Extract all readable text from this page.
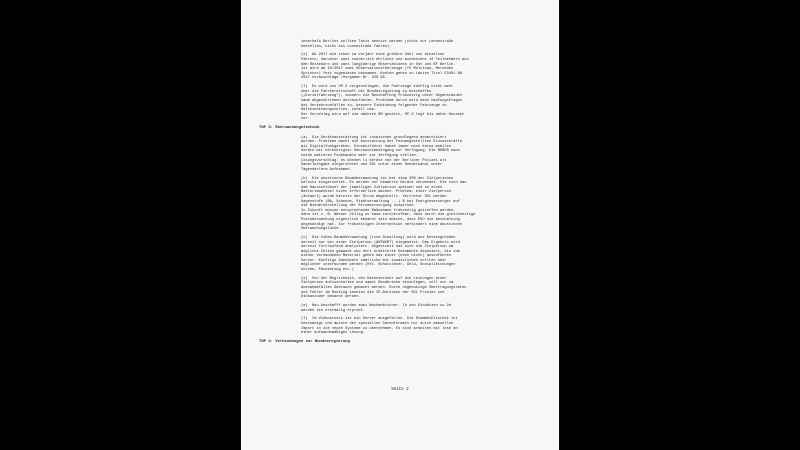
innerhalb Berlins sollten Taxis benutzt werden (nicht zur Lonnestraße
bestellen, nicht bis Lonnestraße fahren).
(e)  Ab 2017 wie schon im vorjahr eine größere Zahl von einzelnen
Fahrern, darunter zwei sonderlich ehrliche und mindestens 10 Teilnehmern aus
dem Reisebüro und zwei langjährige Observationen in Ost und BF Berlin.
ist wird ab 10/2017 zwei Observationsfahrzeuge (T5 Multivan, Mercedes
Sprinter) fest zugewiesen bekommen. Kosten gehen zu Lasten Titel 53401 BA
2017 vorauschläge /Vorgaben Nr. 320 95.
(f)  Es wird von OP-2 vorgeschlagen, die Fahrzeuge künftig nicht mehr
über die Fahrbereitschaft der Bundesregierung zu beschaffen
(„Kurierfahrzeug“), sondern die Beschaffung frühzeitig unter Gegenständen
kaum abgeschrieben durchzuführen. Probleme durch wird dann häufungsfragen
bei Verkehrsunfällen zu, bessere Einbindung folgender Fahrzeuge in
Halteinbindungstellen, zufall usw.
Der Vorschlag wird auf die nächste RM gesetzt, OP-2 legt bis dahin Konzept
vor.
TOP 3: Überwachungstechnik
(a)  Die Geräteausstattung ist inzwischen grundlegend modernisiert
worden. Probleme macht die Ausstattung der Fesnangestellten Einsatzkräfte
mit Digitalfunkgeräten. Einsatzführer haben immer noch keine mobilen
Geräte mit berechtigter Gebrauchsbedingung zur Verfügung. Die BDBOS kann
keine weiteren Funkkanäle mehr zur Verfügung stellen.
Lösungsvorschlag: es können li Geräte von der Berliner Polizei als
Dauerleihgabe eingerichtet und SSL nutzt einen Sonderkanal unter
Tagenderlerm Aufnahmen.
(b)  Die akustische Raumüberwachung ist bei etwa 25% der Zielpersonen
bereits eingerichtet. Es werden nur bewährte Geräte verwendet. Die sich das
dem Hausschlüssel der jeweiligen Zielperson speisen und so einen
Batteriewechsel nicht erforderlich machen. Problem: einer Zielperson
(Antwort) wurde bereits der Strom abgestellt. Vertreter SSL werden
Gegenstufe (BA, Scheune, Stadtverwaltung ...) B bei Energieversorger auf
die Wiederherstellung der Stromversorgung hinwirken.
In Zukunft müssen entsprechende Maßnahmen frühzeitig getroffen werden,
denn ist z. B. Wasser völlig zu kaum zurückrufbar, dass durch die gleichzeitige
Postüberwachung eigentlich bekannt sein müsste, dass EVU die Abschaltung
angekündigt hat. Zur frühzeitigen Intervention verhindert eine akustische
Überwachungslücke.
(c)  Die Video-Raumüberwachung (Live-Schaltung) wird aus Kostengründen
derzeit nur bei einer Zielperson (ANTWORT) eingesetzt. Das Ergebnis wird
derzeit fortlaufend analysiert. Angesichts hat sich die Zielperson um
mögliche Zeiten gewandt und dort ermittelte Dokumente deponiert, die zum
bisher vorhandenen Material gehen das einer (noch nicht) auszuführen
hervor. Künftige Zweckbare sämtliche mit zusätzlichen sollten über
möglicher unterbunden werden (Kfz. Schutzleser, Geld, Sozialleistungen
kürzen, Passentzug etc.)
(d)  Von der Möglichkeit, den Datenverkehr auf die Leitungen einer
Zielperson aufzuschalten und damit Randbrecke einzulegen, soll nur im
Ausnahmefällen Gebrauch gemacht werden. Durch ungenutzige Übertragungsraten
und Fehler im Routing konnten die IP-Adressen der SSL Proxies und
Hinkaszuder bekannt werden.
(e)  Neu beschafft wurden zwei Wochenbrücher. In den Einsätzen zu 2e
werden sie erstmalig erprobt.
(f)  Im Videostudio ist ein Server ausgefallen. Die Stammbibliothek ist
beschädigt und musste des speziellen Datenformats nur durch manuellen
Import in die neuen Systeme zu übernehmen. Es sind arbeiten mit lose an
einer aufwandsmäßigen Lösung.
TOP 4: Verbindungen zur Bundesregierung
Seite 2
